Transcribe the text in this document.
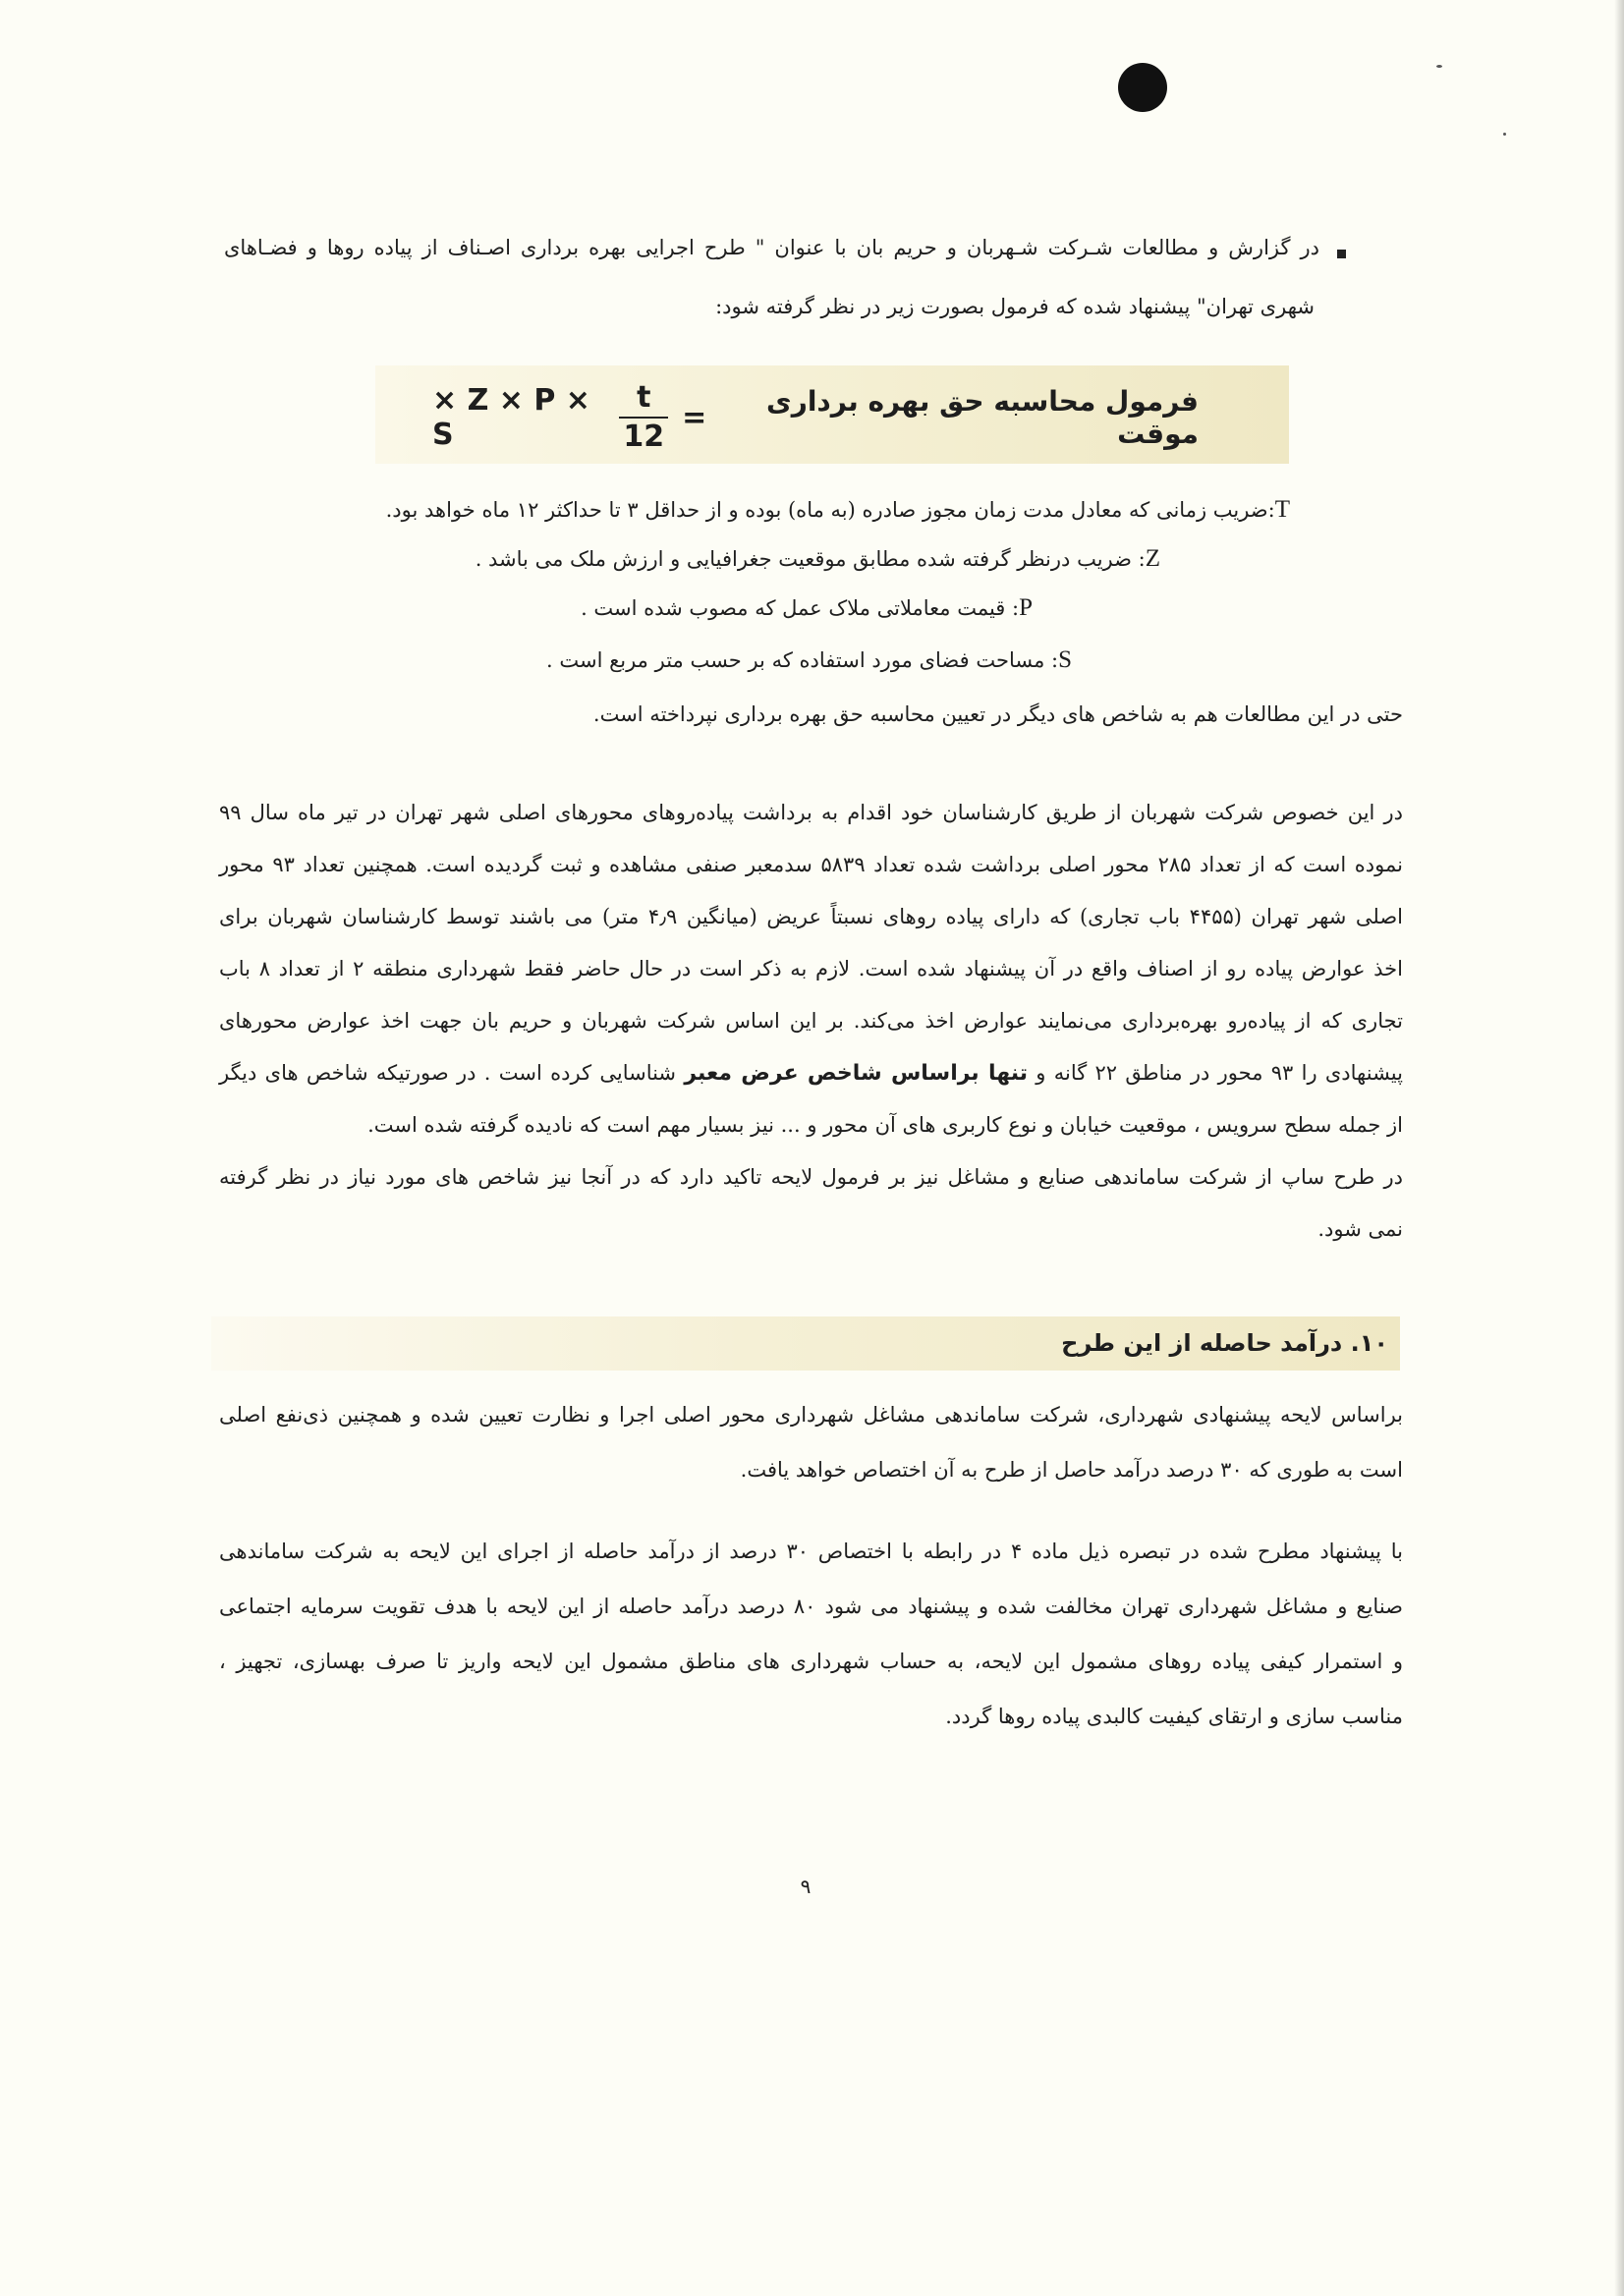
در گزارش و مطالعات شـرکت شـهربان و حریم بان با عنوان " طرح اجرایی بهره برداری اصـناف از پیاده روها و فضـاهای
شهری تهران" پیشنهاد شده که فرمول بصورت زیر در نظر گرفته شود:
× Z × P × S	$\frac{t}{12}$ =	فرمول محاسبه حق بهره برداری موقت
T:ضریب زمانی که معادل مدت زمان مجوز صادره (به ماه) بوده و از حداقل ۳ تا حداکثر ۱۲ ماه خواهد بود.
Z: ضریب درنظر گرفته شده مطابق موقعیت جغرافیایی و ارزش ملک می باشد .
P: قیمت معاملاتی ملاک عمل که مصوب شده است .
S: مساحت فضای مورد استفاده که بر حسب متر مربع است .
حتی در این مطالعات هم به شاخص های دیگر در تعیین محاسبه حق بهره برداری نپرداخته است.
در این خصوص شرکت شهربان از طریق کارشناسان خود اقدام به برداشت پیاده‌روهای محورهای اصلی شهر تهران در تیر ماه سال ۹۹
نموده است که از تعداد ۲۸۵ محور اصلی برداشت شده تعداد ۵۸۳۹ سدمعبر صنفی مشاهده و ثبت گردیده است. همچنین تعداد ۹۳ محور
اصلی شهر تهران (۴۴۵۵ باب تجاری) که دارای پیاده روهای نسبتاً عریض (میانگین ۴٫۹ متر) می باشند توسط کارشناسان شهربان برای
اخذ عوارض پیاده رو از اصناف واقع در آن پیشنهاد شده است. لازم به ذکر است در حال حاضر فقط شهرداری منطقه ۲ از تعداد ۸ باب
تجاری که از پیاده‌رو بهره‌برداری می‌نمایند عوارض اخذ می‌کند. بر این اساس شرکت شهربان و حریم بان جهت اخذ عوارض محورهای
پیشنهادی را ۹۳ محور در مناطق ۲۲ گانه و تنها براساس شاخص عرض معبر شناسایی کرده است . در صورتیکه شاخص های دیگر
از جمله سطح سرویس ، موقعیت خیابان و نوع کاربری های آن محور و ... نیز بسیار مهم است که نادیده گرفته شده است.
در طرح ساپ از شرکت ساماندهی صنایع و مشاغل نیز بر فرمول لایحه تاکید دارد که در آنجا نیز شاخص های مورد نیاز در نظر گرفته
نمی شود.
۱۰. درآمد حاصله از این طرح
براساس لایحه پیشنهادی شهرداری، شرکت ساماندهی مشاغل شهرداری محور اصلی اجرا و نظارت تعیین شده و همچنین ذی‌نفع اصلی
است به طوری که ۳۰ درصد درآمد حاصل از طرح به آن اختصاص خواهد یافت.
با پیشنهاد مطرح شده در تبصره ذیل ماده ۴ در رابطه با اختصاص ۳۰ درصد از درآمد حاصله از اجرای این لایحه به شرکت ساماندهی
صنایع و مشاغل شهرداری تهران مخالفت شده و پیشنهاد می شود ۸۰ درصد درآمد حاصله از این لایحه با هدف تقویت سرمایه اجتماعی
و استمرار کیفی پیاده روهای مشمول این لایحه، به حساب شهرداری های مناطق مشمول این لایحه واریز تا صرف بهسازی، تجهیز ،
مناسب سازی و ارتقای کیفیت کالبدی پیاده روها گردد.
۹
